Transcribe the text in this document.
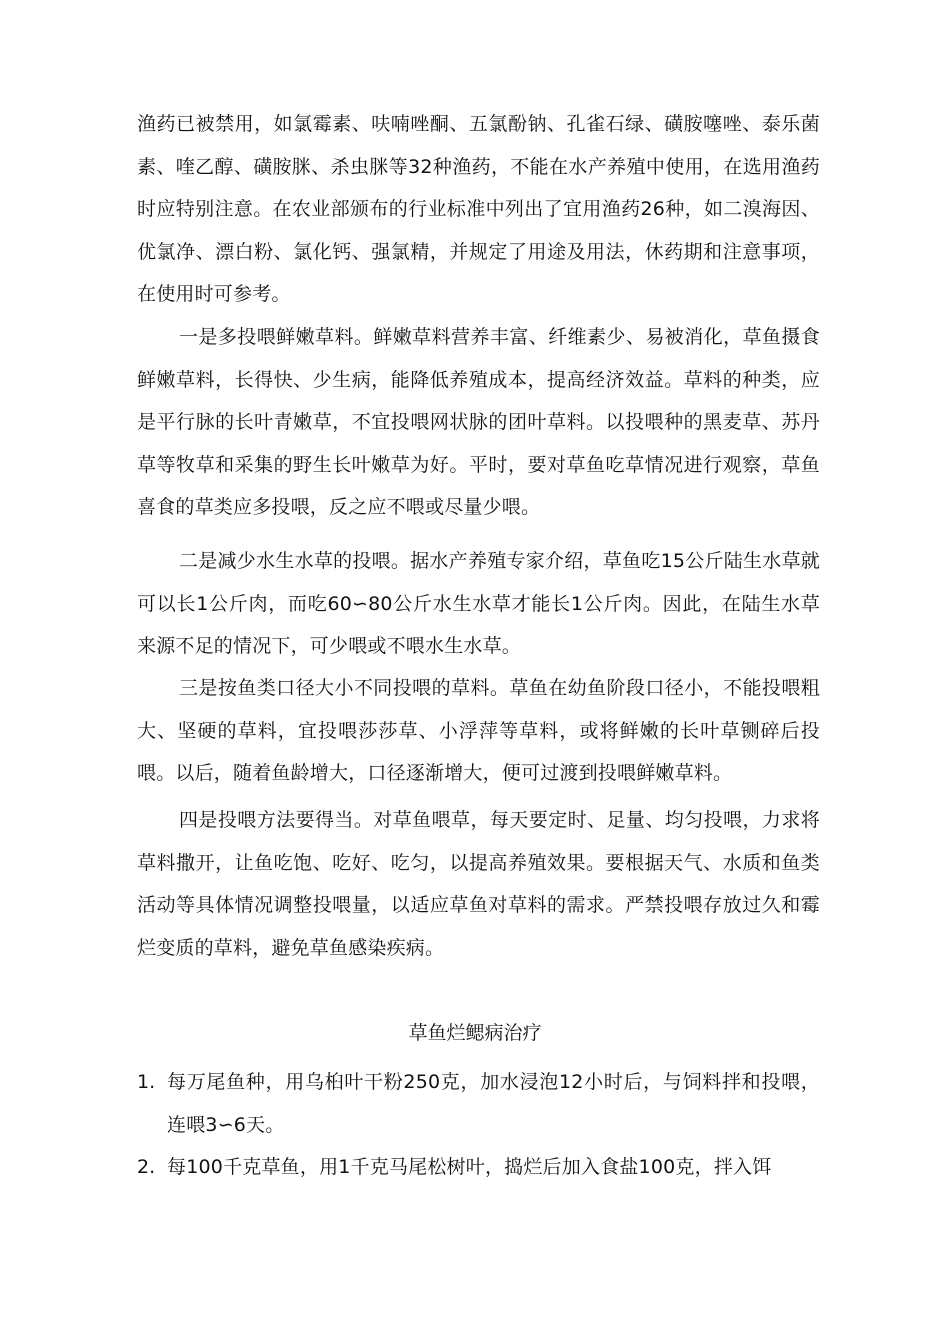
渔药已被禁用，如氯霉素、呋喃唑酮、五氯酚钠、孔雀石绿、磺胺噻唑、泰乐菌素、喹乙醇、磺胺脒、杀虫脒等32种渔药，不能在水产养殖中使用，在选用渔药时应特别注意。在农业部颁布的行业标准中列出了宜用渔药26种，如二溴海因、优氯净、漂白粉、氯化钙、强氯精，并规定了用途及用法，休药期和注意事项，在使用时可参考。

一是多投喂鲜嫩草料。鲜嫩草料营养丰富、纤维素少、易被消化，草鱼摄食鲜嫩草料，长得快、少生病，能降低养殖成本，提高经济效益。草料的种类，应是平行脉的长叶青嫩草，不宜投喂网状脉的团叶草料。以投喂种的黑麦草、苏丹草等牧草和采集的野生长叶嫩草为好。平时，要对草鱼吃草情况进行观察，草鱼喜食的草类应多投喂，反之应不喂或尽量少喂。

二是减少水生水草的投喂。据水产养殖专家介绍，草鱼吃15公斤陆生水草就可以长1公斤肉，而吃60∽80公斤水生水草才能长1公斤肉。因此，在陆生水草来源不足的情况下，可少喂或不喂水生水草。

三是按鱼类口径大小不同投喂的草料。草鱼在幼鱼阶段口径小，不能投喂粗大、坚硬的草料，宜投喂莎莎草、小浮萍等草料，或将鲜嫩的长叶草铡碎后投喂。以后，随着鱼龄增大，口径逐渐增大，便可过渡到投喂鲜嫩草料。

四是投喂方法要得当。对草鱼喂草，每天要定时、足量、均匀投喂，力求将草料撒开，让鱼吃饱、吃好、吃匀，以提高养殖效果。要根据天气、水质和鱼类活动等具体情况调整投喂量，以适应草鱼对草料的需求。严禁投喂存放过久和霉烂变质的草料，避免草鱼感染疾病。

草鱼烂鳃病治疗
1. 每万尾鱼种，用乌桕叶干粉250克，加水浸泡12小时后，与饲料拌和投喂，连喂3∽6天。
2. 每100千克草鱼，用1千克马尾松树叶，捣烂后加入食盐100克，拌入饵
